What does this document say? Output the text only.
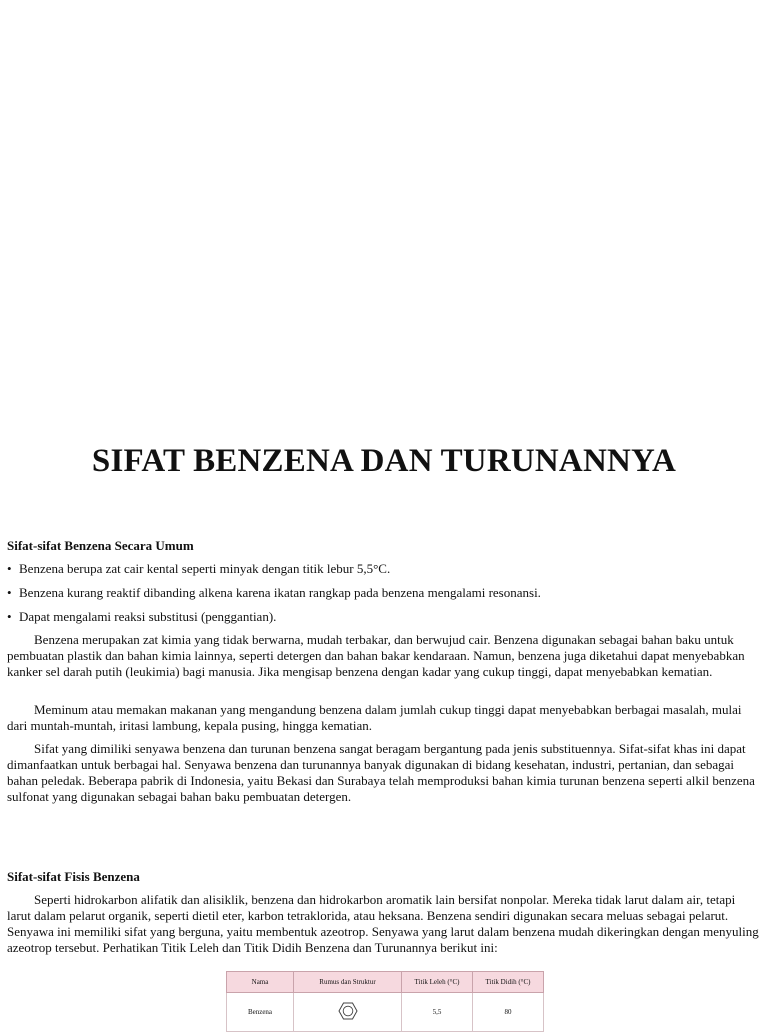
SIFAT BENZENA DAN TURUNANNYA
Sifat-sifat Benzena Secara Umum
• Benzena berupa zat cair kental seperti minyak dengan titik lebur 5,5°C.
• Benzena kurang reaktif dibanding alkena karena ikatan rangkap pada benzena mengalami resonansi.
• Dapat mengalami reaksi substitusi (penggantian).

Benzena merupakan zat kimia yang tidak berwarna, mudah terbakar, dan berwujud cair. Benzena digunakan sebagai bahan baku untuk pembuatan plastik dan bahan kimia lainnya, seperti detergen dan bahan bakar kendaraan. Namun, benzena juga diketahui dapat menyebabkan kanker sel darah putih (leukimia) bagi manusia. Jika mengisap benzena dengan kadar yang cukup tinggi, dapat menyebabkan kematian.

Meminum atau memakan makanan yang mengandung benzena dalam jumlah cukup tinggi dapat menyebabkan berbagai masalah, mulai dari muntah-muntah, iritasi lambung, kepala pusing, hingga kematian.

Sifat yang dimiliki senyawa benzena dan turunan benzena sangat beragam bergantung pada jenis substituennya. Sifat-sifat khas ini dapat dimanfaatkan untuk berbagai hal. Senyawa benzena dan turunannya banyak digunakan di bidang kesehatan, industri, pertanian, dan sebagai bahan peledak. Beberapa pabrik di Indonesia, yaitu Bekasi dan Surabaya telah memproduksi bahan kimia turunan benzena seperti alkil benzena sulfonat yang digunakan sebagai bahan baku pembuatan detergen.

Sifat-sifat Fisis Benzena

Seperti hidrokarbon alifatik dan alisiklik, benzena dan hidrokarbon aromatik lain bersifat nonpolar. Mereka tidak larut dalam air, tetapi larut dalam pelarut organik, seperti dietil eter, karbon tetraklorida, atau heksana. Benzena sendiri digunakan secara meluas sebagai pelarut. Senyawa ini memiliki sifat yang berguna, yaitu membentuk azeotrop. Senyawa yang larut dalam benzena mudah dikeringkan dengan menyuling azeotrop tersebut. Perhatikan Titik Leleh dan Titik Didih Benzena dan Turunannya berikut ini:

Nama	Rumus dan Struktur	Titik Leleh (°C)	Titik Didih (°C)
Benzena		5,5	80
